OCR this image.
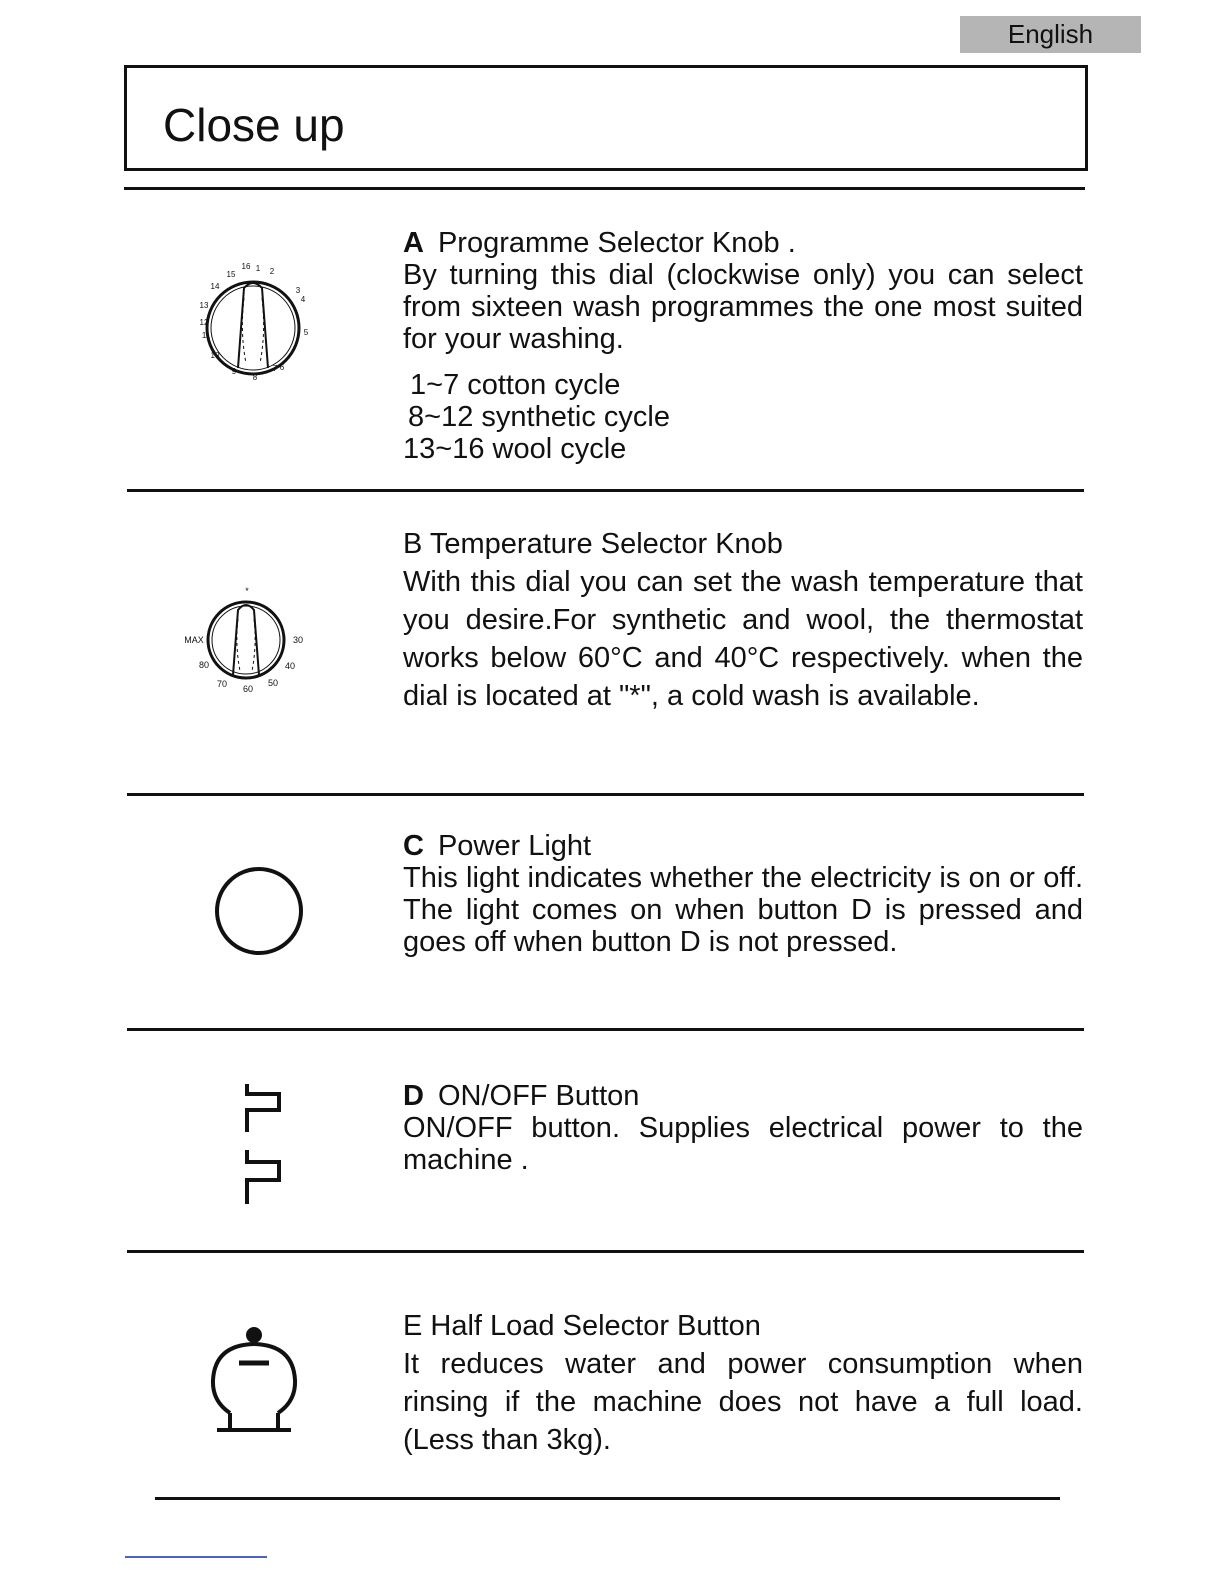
English
Close up
16 1 2
3
4
5
6
7
8
9
10
11
12
13
14
15

A Programme Selector Knob .

By turning this dial (clockwise only) you can select from sixteen wash programmes the one most suited for your washing.

1~7 cotton cycle
8~12 synthetic cycle
13~16 wool cycle
*
30
40
50
60
70
80
MAX

B Temperature Selector Knob

With this dial you can set the wash temperature that you desire.For synthetic and wool, the thermostat works below 60°C and 40°C respectively. when the dial is located at "*", a cold wash is available.

C Power Light

This light indicates whether the electricity is on or off. The light comes on when button D is pressed and goes off when button D is not pressed.

D ON/OFF Button

ON/OFF button. Supplies electrical power to the machine .

E Half Load Selector Button

It reduces water and power consumption when rinsing if the machine does not have a full load. (Less than 3kg).
